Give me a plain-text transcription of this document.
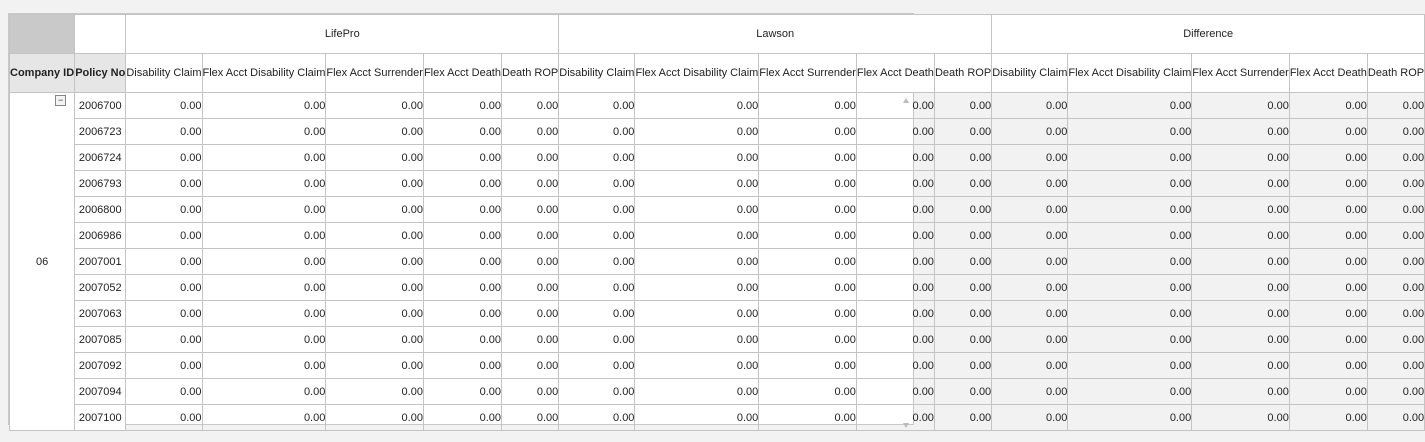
		LifePro					Lawson					Difference				
Company ID	Policy No	Disability Claim	Flex Acct Disability Claim	Flex Acct Surrender	Flex Acct Death	Death ROP	Disability Claim	Flex Acct Disability Claim	Flex Acct Surrender	Flex Acct Death	Death ROP	Disability Claim	Flex Acct Disability Claim	Flex Acct Surrender	Flex Acct Death	Death ROP

−
06	2006700	0.00	0.00	0.00	0.00	0.00	0.00	0.00	0.00	0.00	0.00	0.00	0.00	0.00	0.00	0.00
	2006723	0.00	0.00	0.00	0.00	0.00	0.00	0.00	0.00	0.00	0.00	0.00	0.00	0.00	0.00	0.00
	2006724	0.00	0.00	0.00	0.00	0.00	0.00	0.00	0.00	0.00	0.00	0.00	0.00	0.00	0.00	0.00
	2006793	0.00	0.00	0.00	0.00	0.00	0.00	0.00	0.00	0.00	0.00	0.00	0.00	0.00	0.00	0.00
	2006800	0.00	0.00	0.00	0.00	0.00	0.00	0.00	0.00	0.00	0.00	0.00	0.00	0.00	0.00	0.00
	2006986	0.00	0.00	0.00	0.00	0.00	0.00	0.00	0.00	0.00	0.00	0.00	0.00	0.00	0.00	0.00
	2007001	0.00	0.00	0.00	0.00	0.00	0.00	0.00	0.00	0.00	0.00	0.00	0.00	0.00	0.00	0.00
	2007052	0.00	0.00	0.00	0.00	0.00	0.00	0.00	0.00	0.00	0.00	0.00	0.00	0.00	0.00	0.00
	2007063	0.00	0.00	0.00	0.00	0.00	0.00	0.00	0.00	0.00	0.00	0.00	0.00	0.00	0.00	0.00
	2007085	0.00	0.00	0.00	0.00	0.00	0.00	0.00	0.00	0.00	0.00	0.00	0.00	0.00	0.00	0.00
	2007092	0.00	0.00	0.00	0.00	0.00	0.00	0.00	0.00	0.00	0.00	0.00	0.00	0.00	0.00	0.00
	2007094	0.00	0.00	0.00	0.00	0.00	0.00	0.00	0.00	0.00	0.00	0.00	0.00	0.00	0.00	0.00
	2007100	0.00	0.00	0.00	0.00	0.00	0.00	0.00	0.00	0.00	0.00	0.00	0.00	0.00	0.00	0.00
